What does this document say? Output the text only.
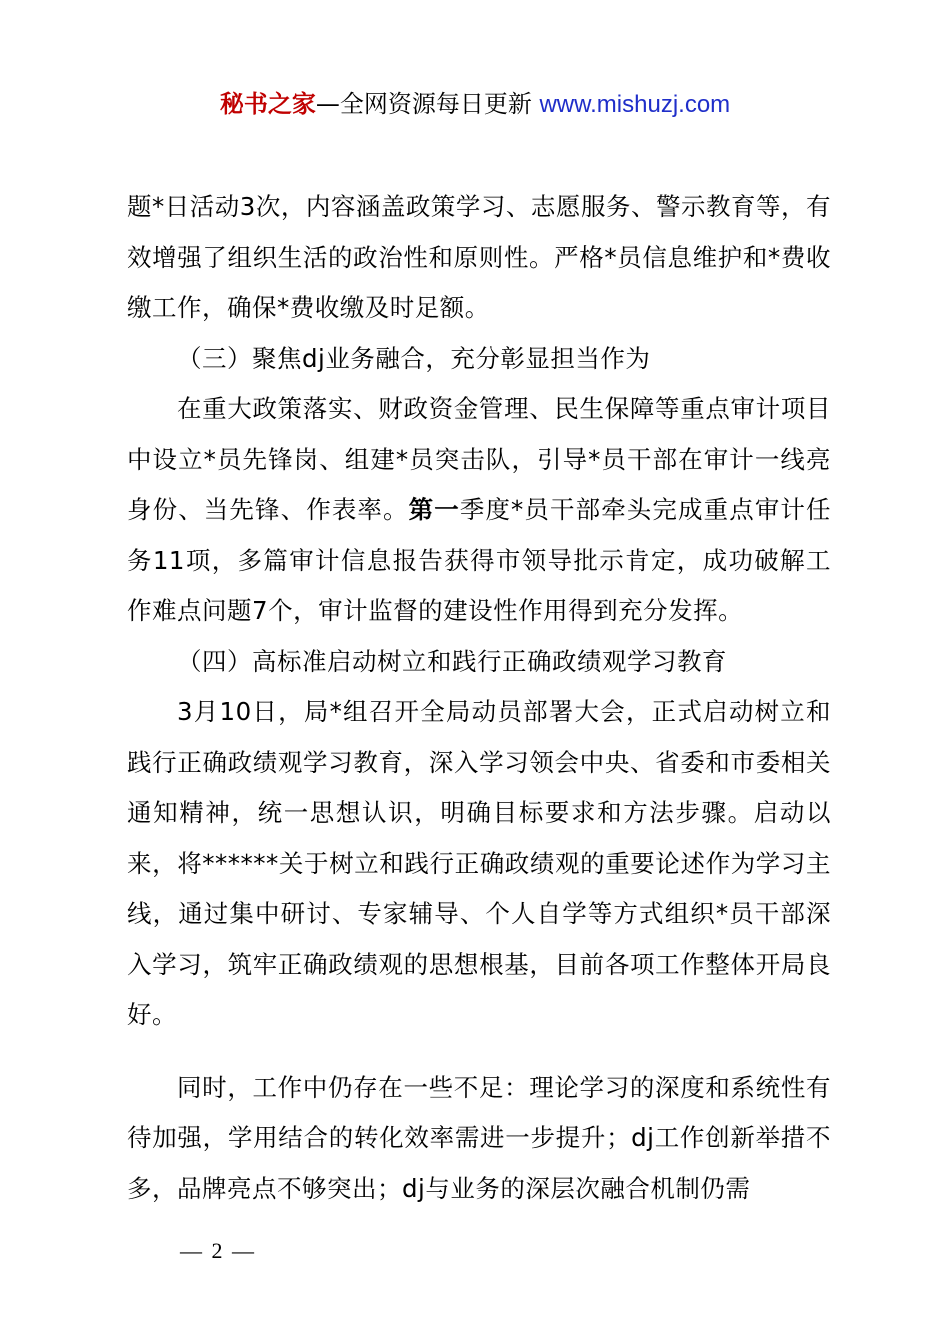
秘书之家—全网资源每日更新 www.mishuzj.com

题*日活动3次，内容涵盖政策学习、志愿服务、警示教育等，有效增强了组织生活的政治性和原则性。严格*员信息维护和*费收缴工作，确保*费收缴及时足额。

（三）聚焦dj业务融合，充分彰显担当作为

在重大政策落实、财政资金管理、民生保障等重点审计项目中设立*员先锋岗、组建*员突击队，引导*员干部在审计一线亮身份、当先锋、作表率。第一季度*员干部牵头完成重点审计任务11项，多篇审计信息报告获得市领导批示肯定，成功破解工作难点问题7个，审计监督的建设性作用得到充分发挥。

（四）高标准启动树立和践行正确政绩观学习教育

3月10日，局*组召开全局动员部署大会，正式启动树立和践行正确政绩观学习教育，深入学习领会中央、省委和市委相关通知精神，统一思想认识，明确目标要求和方法步骤。启动以来，将******关于树立和践行正确政绩观的重要论述作为学习主线，通过集中研讨、专家辅导、个人自学等方式组织*员干部深入学习，筑牢正确政绩观的思想根基，目前各项工作整体开局良好。

同时，工作中仍存在一些不足：理论学习的深度和系统性有待加强，学用结合的转化效率需进一步提升；dj工作创新举措不多，品牌亮点不够突出；dj与业务的深层次融合机制仍需

— 2 —
